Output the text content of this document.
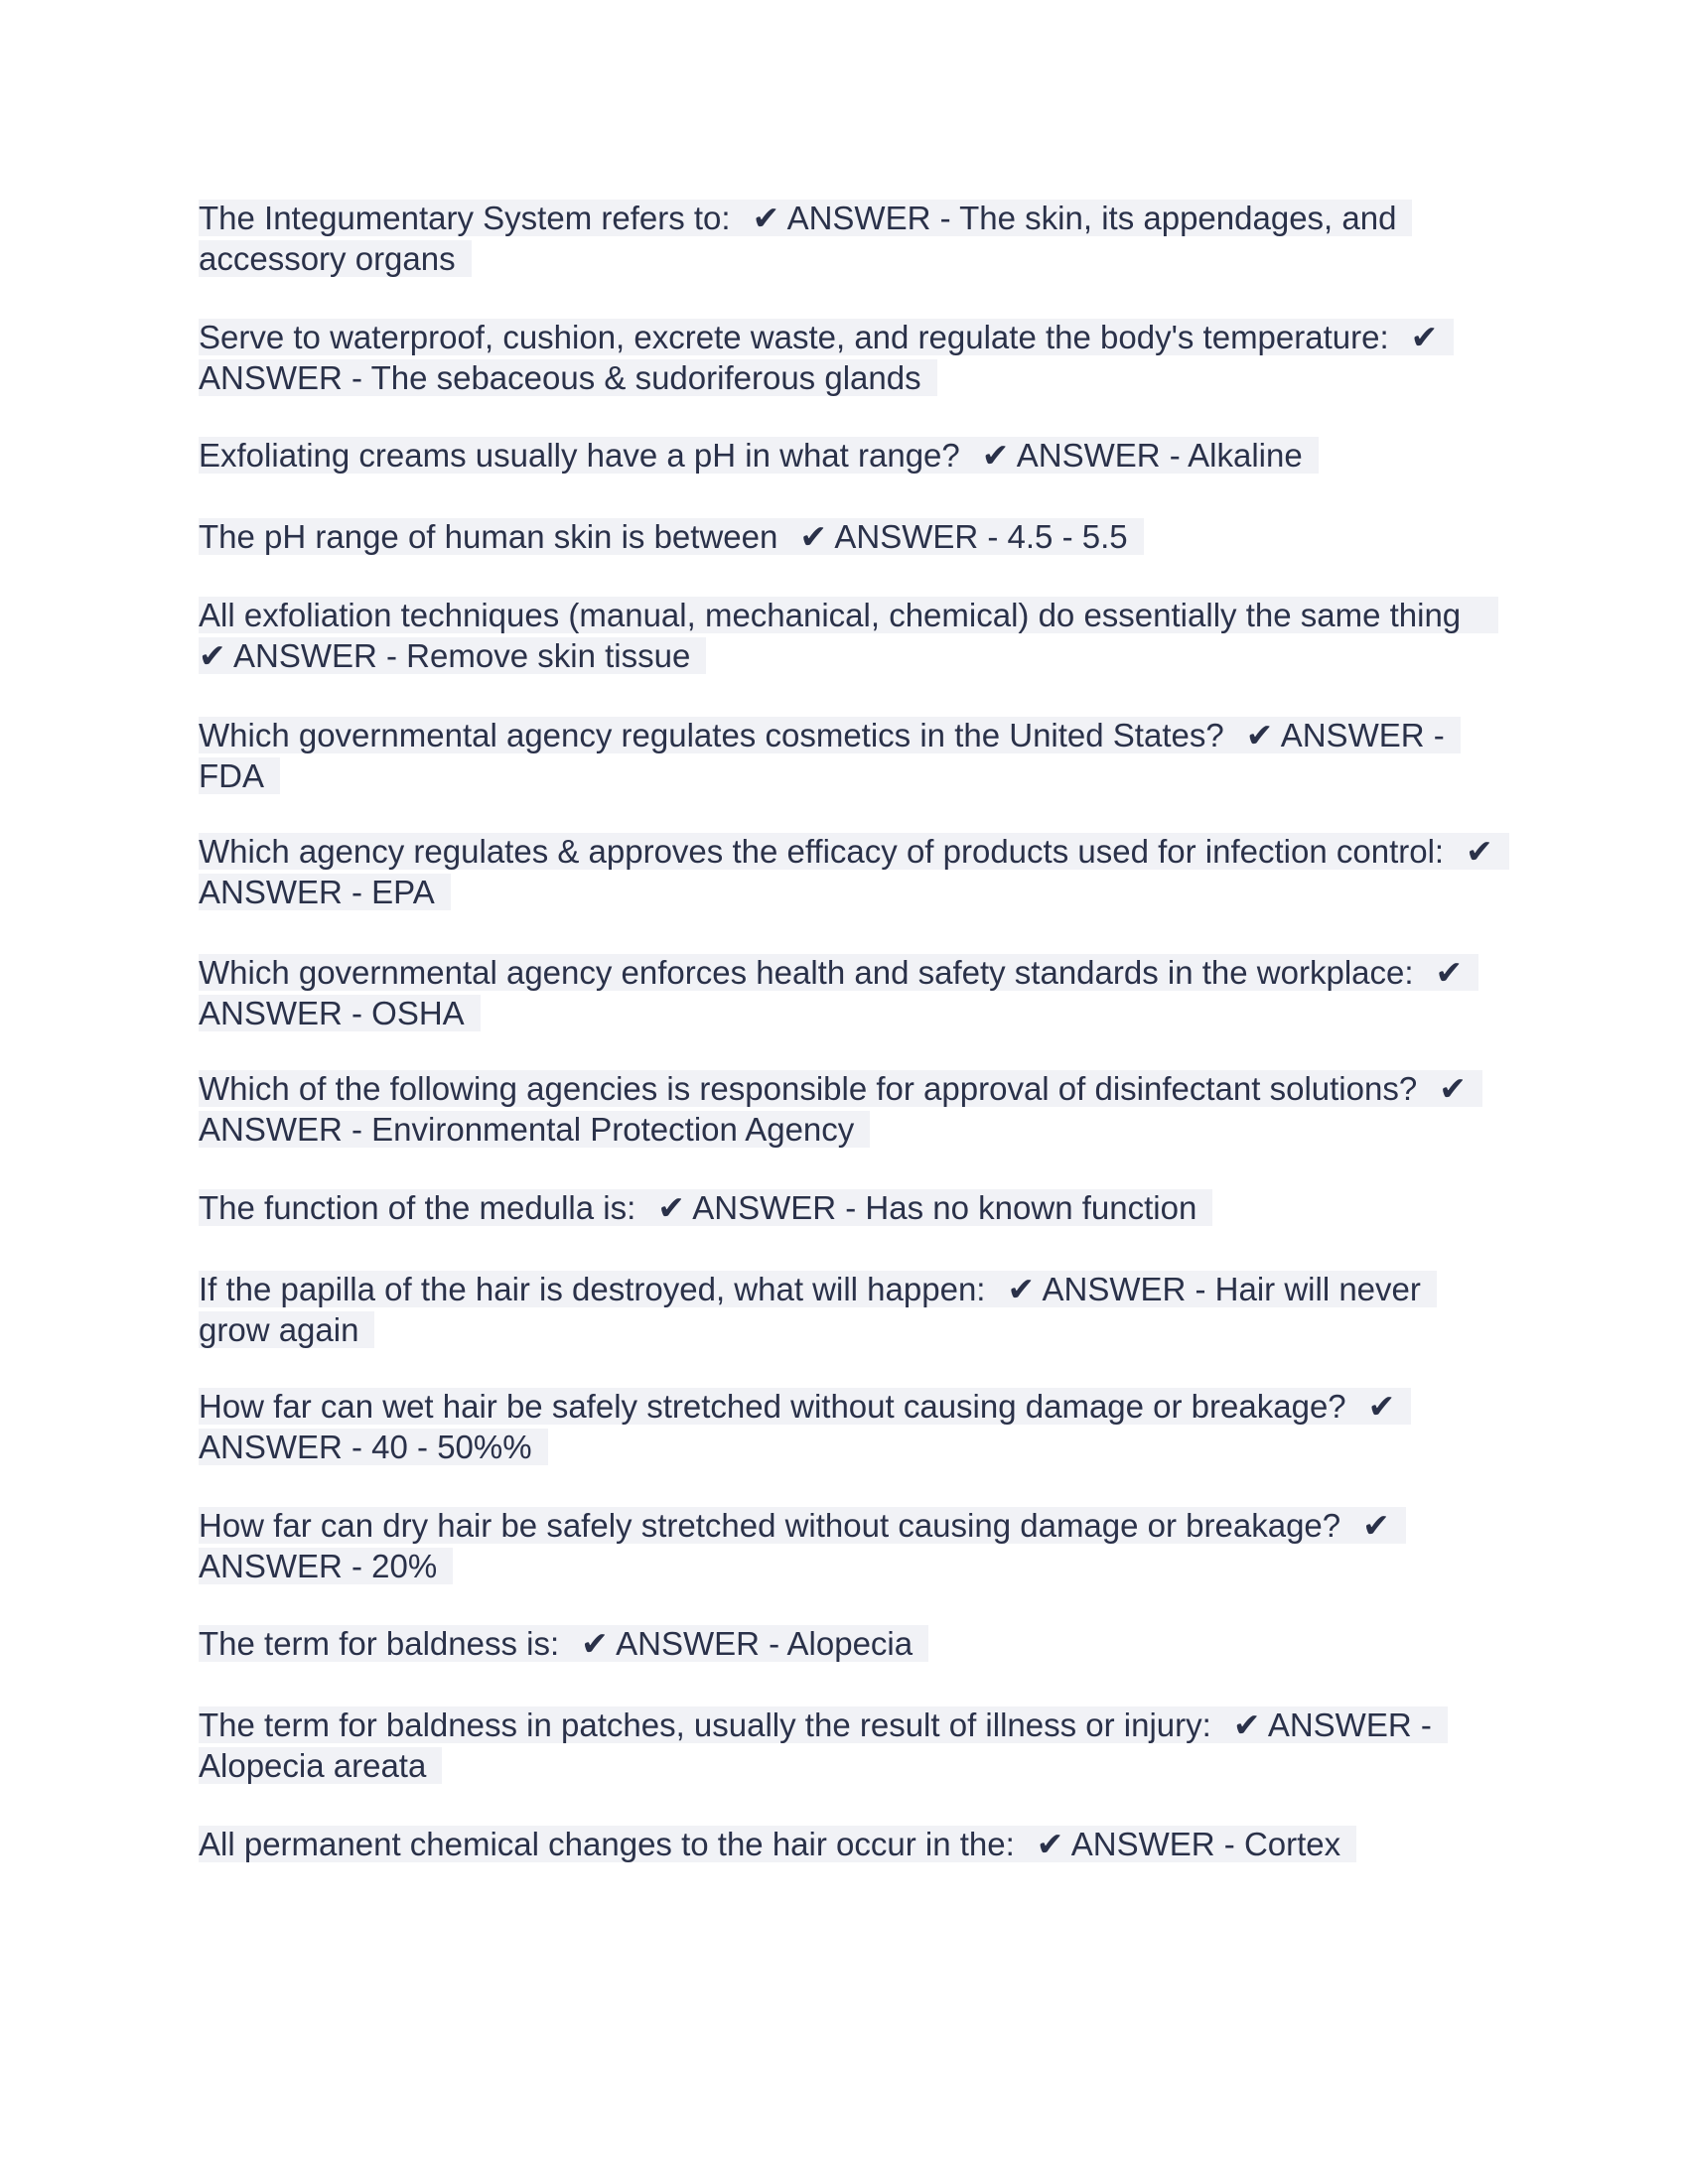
The Integumentary System refers to: ✔ ANSWER - The skin, its appendages, and accessory organs
Serve to waterproof, cushion, excrete waste, and regulate the body's temperature: ✔ ANSWER - The sebaceous & sudoriferous glands
Exfoliating creams usually have a pH in what range? ✔ ANSWER - Alkaline
The pH range of human skin is between ✔ ANSWER - 4.5 - 5.5
All exfoliation techniques (manual, mechanical, chemical) do essentially the same thing✔ ANSWER - Remove skin tissue
Which governmental agency regulates cosmetics in the United States? ✔ ANSWER - FDA
Which agency regulates & approves the efficacy of products used for infection control: ✔ ANSWER - EPA
Which governmental agency enforces health and safety standards in the workplace: ✔ ANSWER - OSHA
Which of the following agencies is responsible for approval of disinfectant solutions? ✔ ANSWER - Environmental Protection Agency
The function of the medulla is: ✔ ANSWER - Has no known function
If the papilla of the hair is destroyed, what will happen: ✔ ANSWER - Hair will never grow again
How far can wet hair be safely stretched without causing damage or breakage? ✔ ANSWER - 40 - 50%%
How far can dry hair be safely stretched without causing damage or breakage? ✔ ANSWER - 20%
The term for baldness is: ✔ ANSWER - Alopecia
The term for baldness in patches, usually the result of illness or injury: ✔ ANSWER - Alopecia areata
All permanent chemical changes to the hair occur in the: ✔ ANSWER - Cortex
